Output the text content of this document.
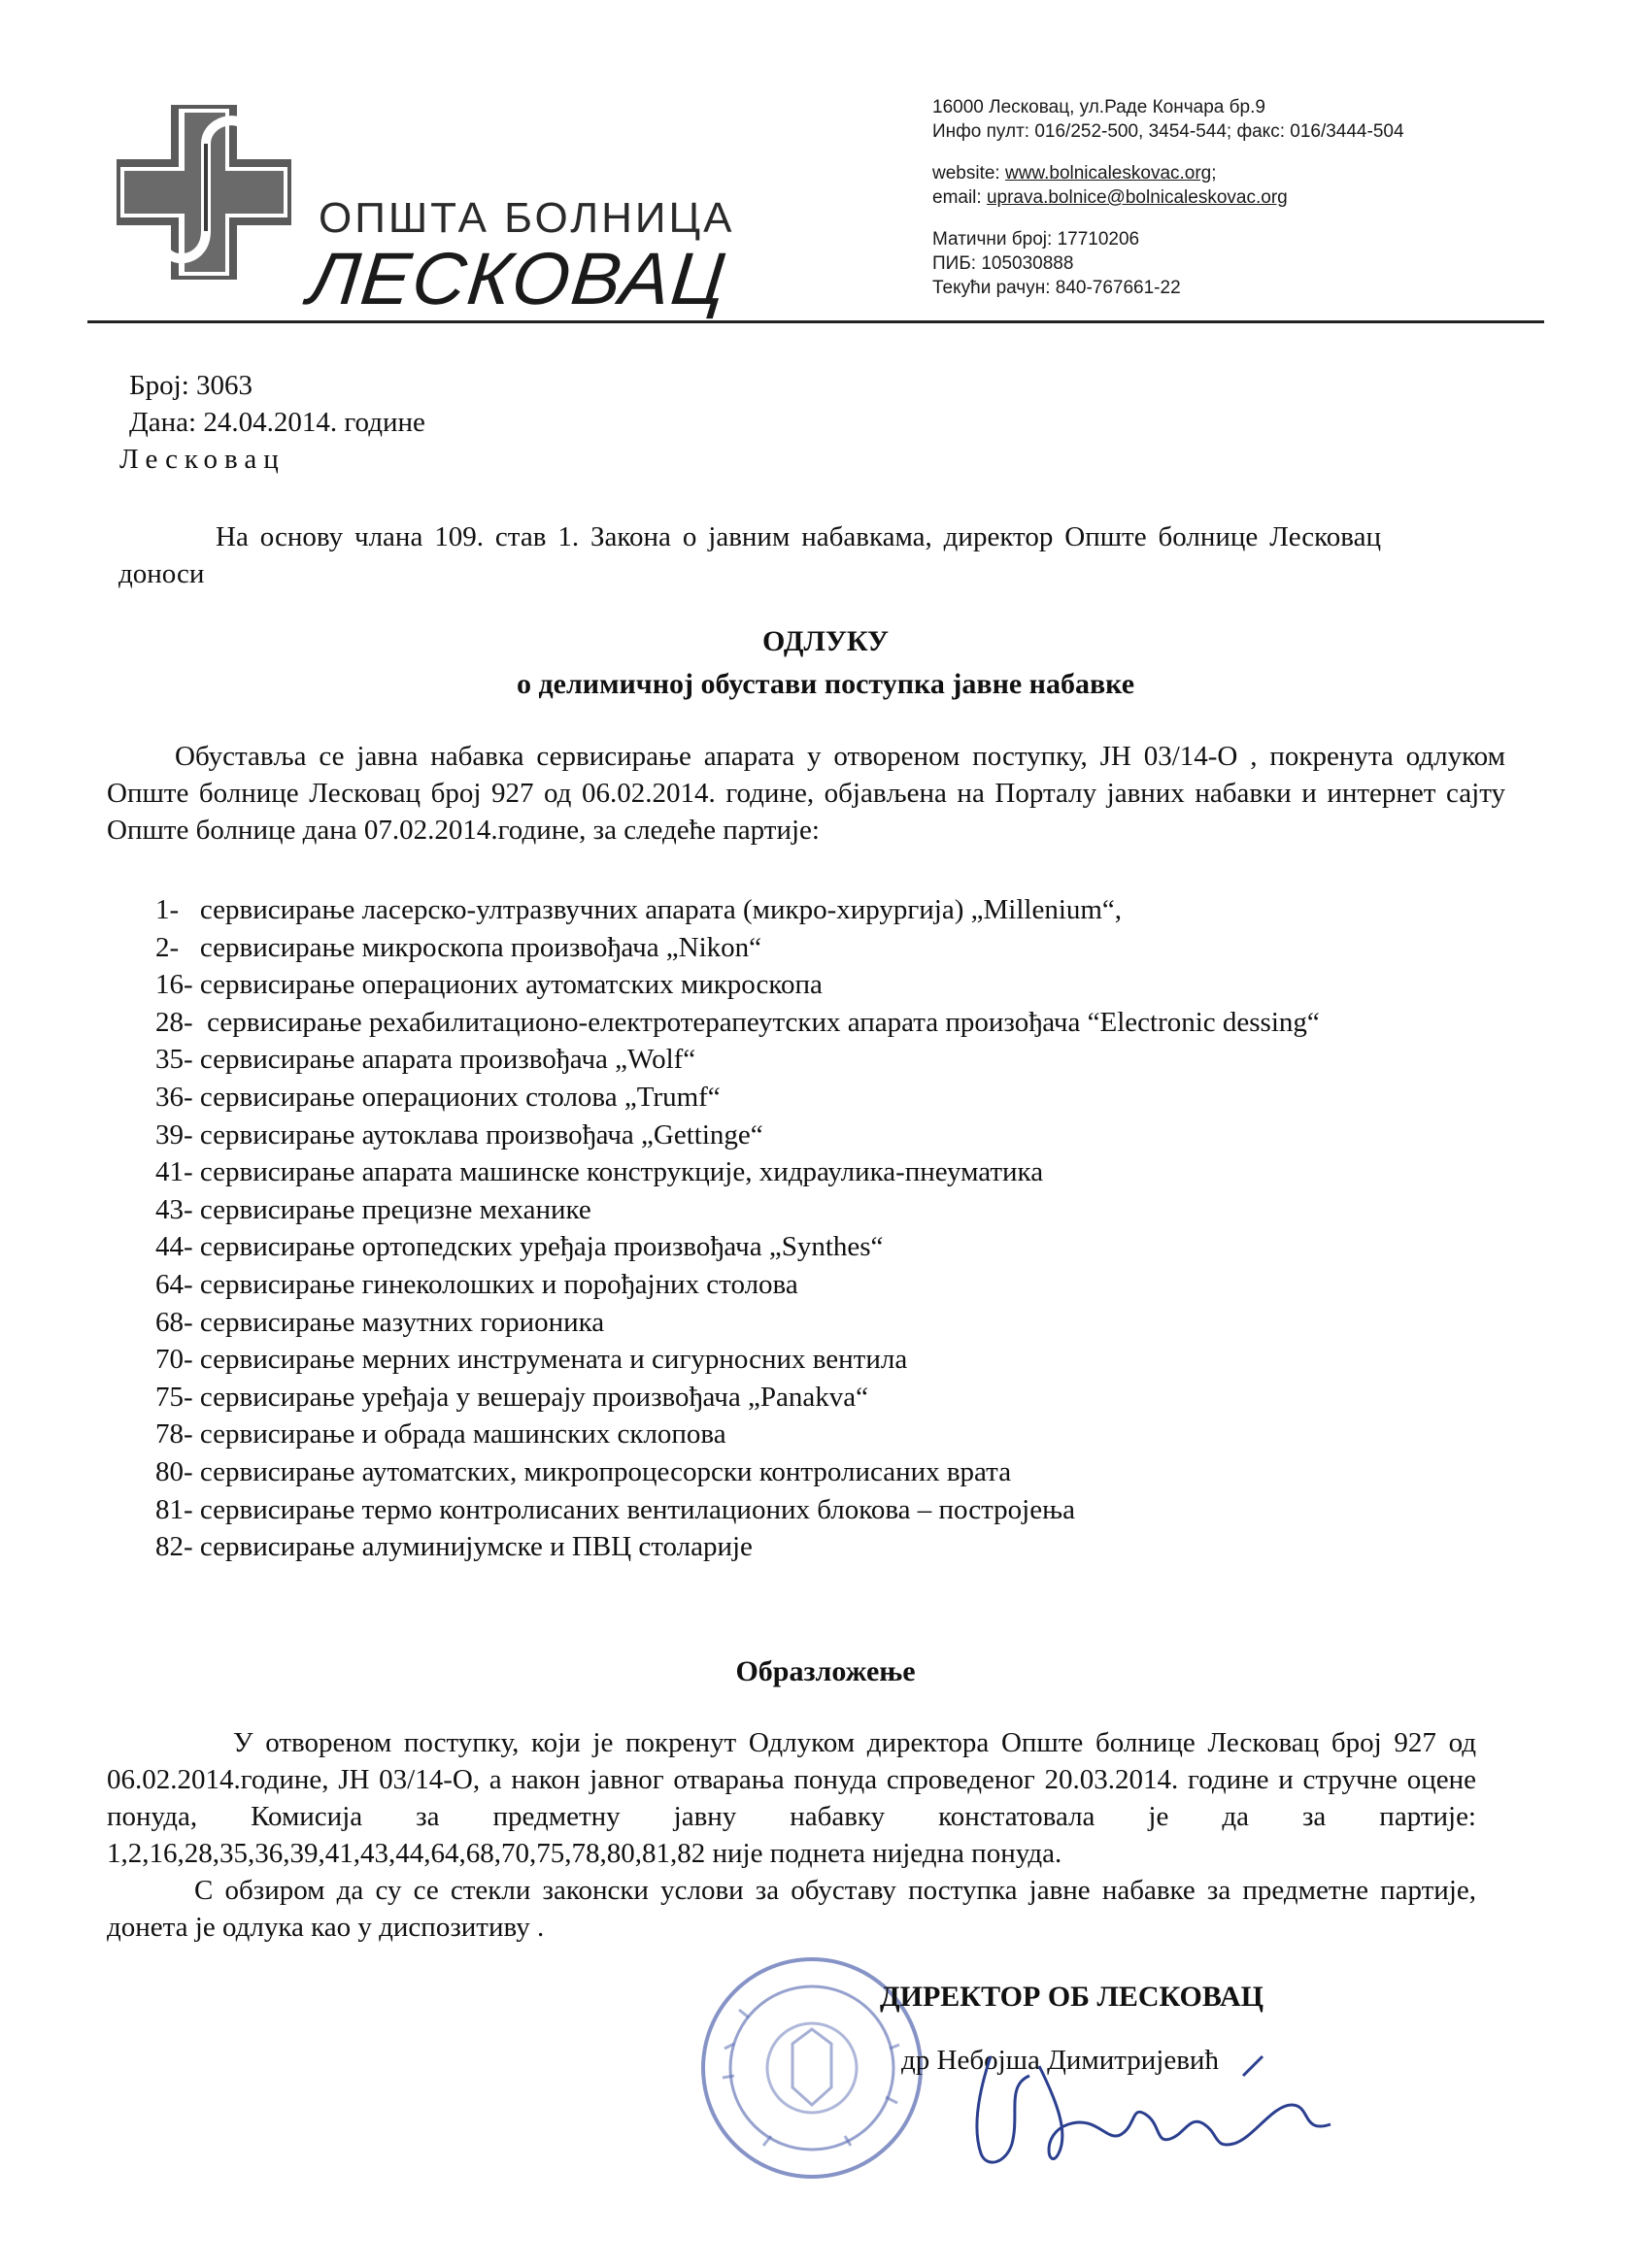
ОПШТА БОЛНИЦА
ЛЕСКОВАЦ
16000 Лесковац, ул.Раде Кончара бр.9
Инфо пулт: 016/252-500, 3454-544; факс: 016/3444-504
website: www.bolnicaleskovac.org;
email: uprava.bolnice@bolnicaleskovac.org
Матични број: 17710206
ПИБ: 105030888
Текући рачун: 840-767661-22
Број: 3063
Дана: 24.04.2014. године
Лесковац
На основу члана 109. став 1. Закона о јавним набавкама, директор Опште болнице Лесковац доноси
ОДЛУКУ
о делимичној обустави поступка јавне набавке
Обуставља се јавна набавка сервисирање апарата у отвореном поступку, ЈН 03/14-О , покренута одлуком Опште болнице Лесковац број 927 од 06.02.2014. године, објављена на Порталу јавних набавки и интернет сајту Опште болнице дана 07.02.2014.године, за следеће партије:
1- сервисирање ласерско-ултразвучних апарата (микро-хирургија) „Millenium“,
2- сервисирање микроскопа произвођача „Nikon“
16- сервисирање операционих аутоматских микроскопа
28- сервисирање рехабилитационо-електротерапеутских апарата произођача “Electronic dessing“
35- сервисирање апарата произвођача „Wolf“
36- сервисирање операционих столова „Trumf“
39- сервисирање аутоклава произвођача „Gettinge“
41- сервисирање апарата машинске конструкције, хидраулика-пнеуматика
43- сервисирање прецизне механике
44- сервисирање ортопедских уређаја произвођача „Synthes“
64- сервисирање гинеколошких и порођајних столова
68- сервисирање мазутних горионика
70- сервисирање мерних инструмената и сигурносних вентила
75- сервисирање уређаја у вешерају произвођача „Panakva“
78- сервисирање и обрада машинских склопова
80- сервисирање аутоматских, микропроцесорски контролисаних врата
81- сервисирање термо контролисаних вентилационих блокова – постројења
82- сервисирање алуминијумске и ПВЦ столарије
Образложење
У отвореном поступку, који је покренут Одлуком директора Опште болнице Лесковац број 927 од 06.02.2014.године, ЈН 03/14-О, а након јавног отварања понуда спроведеног 20.03.2014. године и стручне оцене понуда, Комисија за предметну јавну набавку констатовала је да за партије: 1,2,16,28,35,36,39,41,43,44,64,68,70,75,78,80,81,82 није поднета ниједна понуда.
С обзиром да су се стекли законски услови за обуставу поступка јавне набавке за предметне партије, донета је одлука као у диспозитиву .
ДИРЕКТОР ОБ ЛЕСКОВАЦ
др Небојша Димитријевић
